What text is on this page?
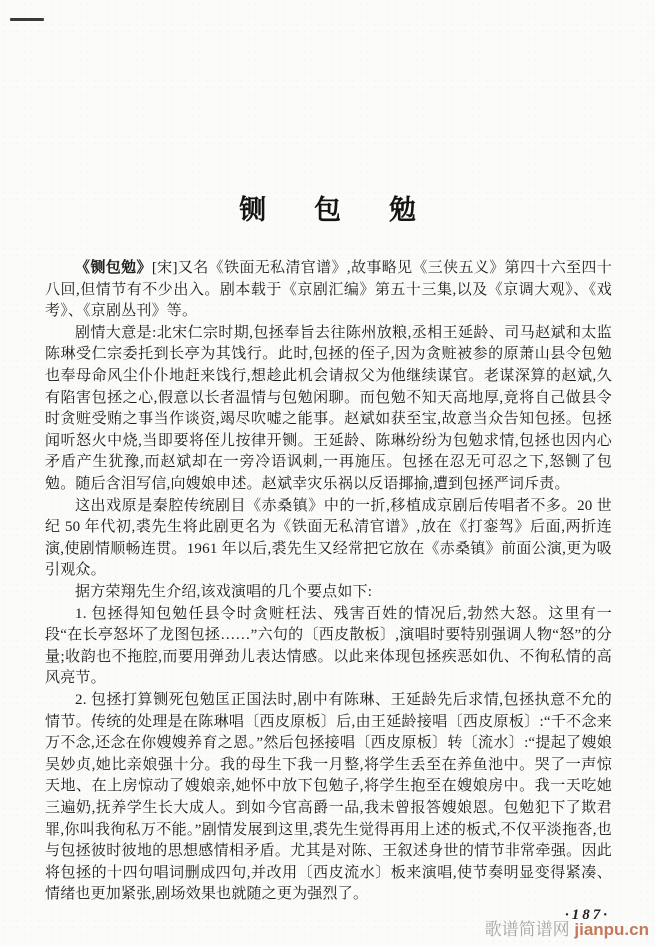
铡包勉

《铡包勉》[宋]又名《铁面无私清官谱》,故事略见《三侠五义》第四十六至四十八回,但情节有不少出入。剧本载于《京剧汇编》第五十三集,以及《京调大观》、《戏考》、《京剧丛刊》等。

剧情大意是:北宋仁宗时期,包拯奉旨去往陈州放粮,丞相王延龄、司马赵斌和太监陈琳受仁宗委托到长亭为其饯行。此时,包拯的侄子,因为贪赃被参的原萧山县令包勉也奉母命风尘仆仆地赶来饯行,想趁此机会请叔父为他继续谋官。老谋深算的赵斌,久有陷害包拯之心,假意以长者温情与包勉闲聊。而包勉不知天高地厚,竟将自己做县令时贪赃受贿之事当作谈资,竭尽吹嘘之能事。赵斌如获至宝,故意当众告知包拯。包拯闻听怒火中烧,当即要将侄儿按律开铡。王延龄、陈琳纷纷为包勉求情,包拯也因内心矛盾产生犹豫,而赵斌却在一旁冷语讽刺,一再施压。包拯在忍无可忍之下,怒铡了包勉。随后含泪写信,向嫂娘申述。赵斌幸灾乐祸以反语揶揄,遭到包拯严词斥责。

这出戏原是秦腔传统剧目《赤桑镇》中的一折,移植成京剧后传唱者不多。20 世纪 50 年代初,裘先生将此剧更名为《铁面无私清官谱》,放在《打銮驾》后面,两折连演,使剧情顺畅连贯。1961 年以后,裘先生又经常把它放在《赤桑镇》前面公演,更为吸引观众。

据方荣翔先生介绍,该戏演唱的几个要点如下:

1. 包拯得知包勉任县令时贪赃枉法、残害百姓的情况后,勃然大怒。这里有一段“在长亭怒坏了龙图包拯……”六句的〔西皮散板〕,演唱时要特别强调人物“怒”的分量;收韵也不拖腔,而要用弹劲儿表达情感。以此来体现包拯疾恶如仇、不徇私情的高风亮节。

2. 包拯打算铡死包勉匡正国法时,剧中有陈琳、王延龄先后求情,包拯执意不允的情节。传统的处理是在陈琳唱〔西皮原板〕后,由王延龄接唱〔西皮原板〕:“千不念来万不念,还念在你嫂嫂养育之恩。”然后包拯接唱〔西皮原板〕转〔流水〕:“提起了嫂娘吴妙贞,她比亲娘强十分。我的母生下我一月整,将学生丢至在养鱼池中。哭了一声惊天地、在上房惊动了嫂娘亲,她怀中放下包勉子,将学生抱至在嫂娘房中。我一天吃她三遍奶,抚养学生长大成人。到如今官高爵一品,我未曾报答嫂娘恩。包勉犯下了欺君罪,你叫我徇私万不能。”剧情发展到这里,裘先生觉得再用上述的板式,不仅平淡拖沓,也与包拯彼时彼地的思想感情相矛盾。尤其是对陈、王叙述身世的情节非常牵强。因此将包拯的十四句唱词删成四句,并改用〔西皮流水〕板来演唱,使节奏明显变得紧凑、情绪也更加紧张,剧场效果也就随之更为强烈了。

·187·
歌谱简谱网 jianpu.cn
